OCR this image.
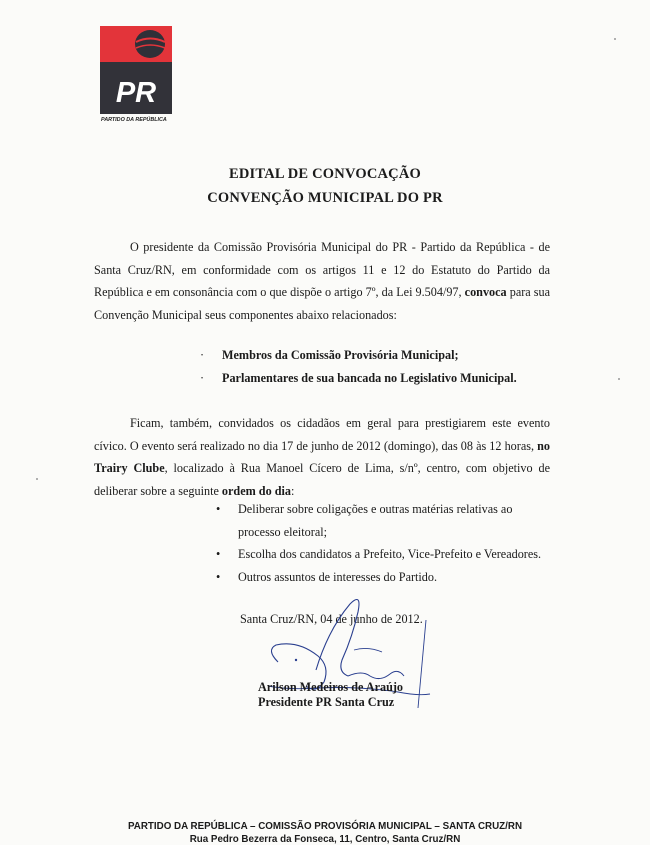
PR
PARTIDO DA REPÚBLICA
EDITAL DE CONVOCAÇÃO
CONVENÇÃO MUNICIPAL DO PR
O presidente da Comissão Provisória Municipal do PR - Partido da República - de Santa Cruz/RN, em conformidade com os artigos 11 e 12 do Estatuto do Partido da República e em consonância com o que dispõe o artigo 7º, da Lei 9.504/97, convoca para sua Convenção Municipal seus componentes abaixo relacionados:
· Membros da Comissão Provisória Municipal;
· Parlamentares de sua bancada no Legislativo Municipal.
Ficam, também, convidados os cidadãos em geral para prestigiarem este evento cívico. O evento será realizado no dia 17 de junho de 2012 (domingo), das 08 às 12 horas, no Trairy Clube, localizado à Rua Manoel Cícero de Lima, s/nº, centro, com objetivo de deliberar sobre a seguinte ordem do dia:
•	Deliberar sobre coligações e outras matérias relativas ao processo eleitoral;
•	Escolha dos candidatos a Prefeito, Vice-Prefeito e Vereadores.
•	Outros assuntos de interesses do Partido.
Santa Cruz/RN, 04 de junho de 2012.
Arilson Medeiros de Araújo
Presidente PR Santa Cruz
PARTIDO DA REPÚBLICA – COMISSÃO PROVISÓRIA MUNICIPAL – SANTA CRUZ/RN
Rua Pedro Bezerra da Fonseca, 11, Centro, Santa Cruz/RN
